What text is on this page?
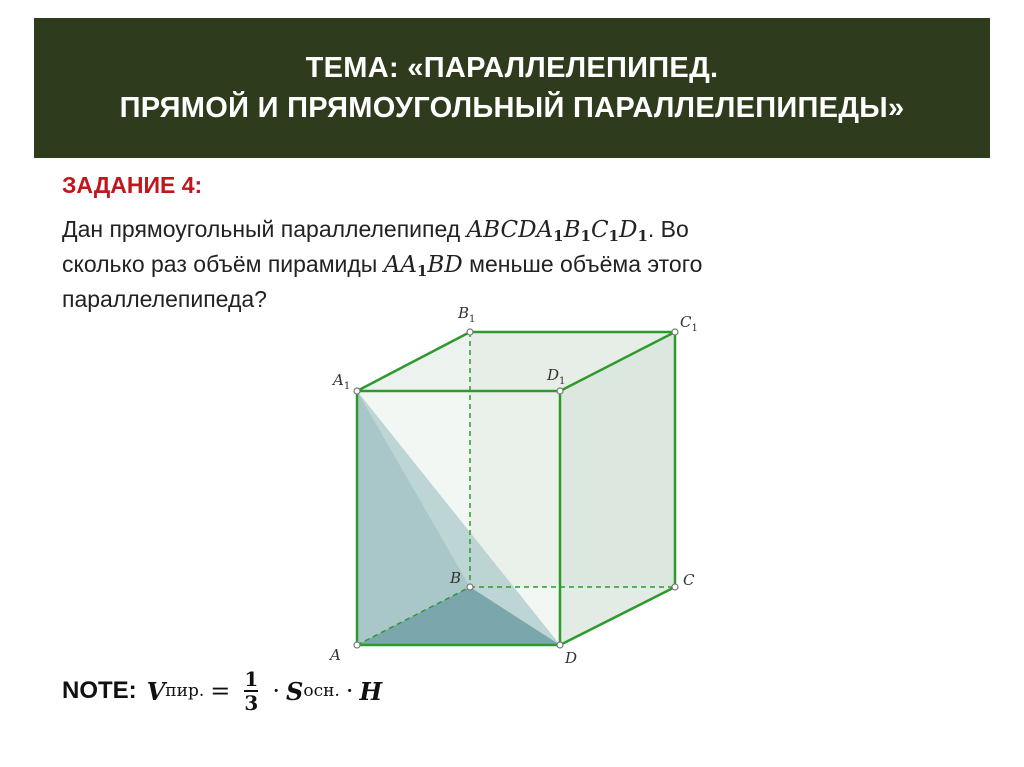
ТЕМА: «ПАРАЛЛЕЛЕПИПЕД.
ПРЯМОЙ И ПРЯМОУГОЛЬНЫЙ ПАРАЛЛЕЛЕПИПЕДЫ»
ЗАДАНИЕ 4:
Дан прямоугольный параллелепипед $ABCDA_1B_1C_1D_1$. Во
сколько раз объём пирамиды $AA_1BD$ меньше объёма этого
параллелепипеда?
A
B	C
D
$A_1$
$B_1$	$C_1$
$D_1$
NOTE: V пир. = $\frac{1}{3} \cdot S$ осн. · H
